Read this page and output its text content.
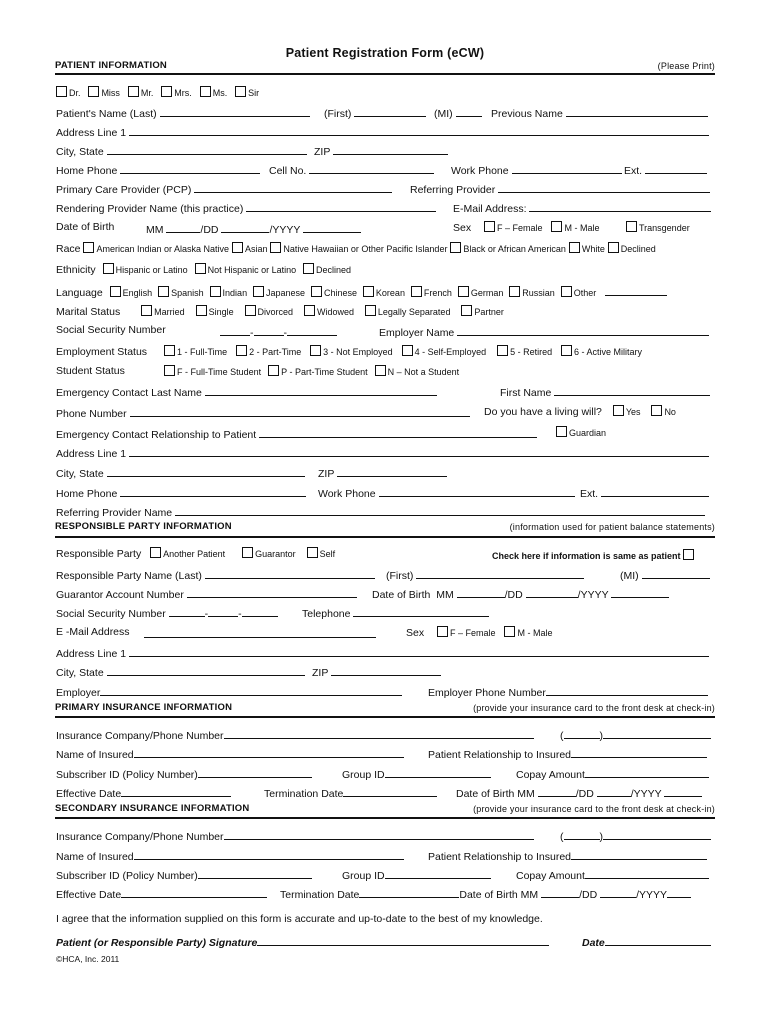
Patient Registration Form (eCW)
PATIENT INFORMATION	(Please Print)
Dr. Miss Mr. Mrs. Ms. Sir
Patient's Name (Last)	(First)	(MI)	Previous Name
Address Line 1
City, State	ZIP
Home Phone	Cell No.	Work Phone	Ext.
Primary Care Provider (PCP)	Referring Provider
Rendering Provider Name (this practice)	E-Mail Address:
Date of Birth	MM	/DD	/YYYY	Sex	F – Female M - Male	Transgender
Race American Indian or Alaska Native Asian Native Hawaiian or Other Pacific Islander Black or African American White Declined
Ethnicity Hispanic or Latino Not Hispanic or Latino Declined
Language English Spanish Indian Japanese Chinese Korean French German Russian Other
Marital Status	Married	Single	Divorced	Widowed	Legally Separated	Partner
Social Security Number	-	-	Employer Name
Employment Status	1 - Full-Time 2 - Part-Time 3 - Not Employed 4 - Self-Employed	5 - Retired 6 - Active Military
Student Status	F - Full-Time Student P - Part-Time Student N – Not a Student
Emergency Contact Last Name	First Name
Phone Number	Do you have a living will?	Yes	No
Emergency Contact Relationship to Patient	Guardian
Address Line 1
City, State	ZIP
Home Phone	Work Phone	Ext.
Referring Provider Name
RESPONSIBLE PARTY INFORMATION	(information used for patient balance statements)
Responsible Party Another Patient	Guarantor	Self	Check here if information is same as patient
Responsible Party Name (Last)	(First)	(MI)
Guarantor Account Number	Date of Birth MM	/DD	/YYYY
Social Security Number	-	-	Telephone
E -Mail Address	Sex	F – Female M - Male
Address Line 1
City, State	ZIP
Employer	Employer Phone Number
PRIMARY INSURANCE INFORMATION	(provide your insurance card to the front desk at check-in)
Insurance Company/Phone Number	(	)
Name of Insured	Patient Relationship to Insured
Subscriber ID (Policy Number)	Group ID	Copay Amount
Effective Date	Termination Date	Date of Birth MM	/DD	/YYYY
SECONDARY INSURANCE INFORMATION	(provide your insurance card to the front desk at check-in)
Insurance Company/Phone Number	(	)
Name of Insured	Patient Relationship to Insured
Subscriber ID (Policy Number)	Group ID	Copay Amount
Effective Date	Termination Date	Date of Birth MM	/DD	/YYYY
I agree that the information supplied on this form is accurate and up-to-date to the best of my knowledge.
Patient (or Responsible Party) Signature	Date
©HCA, Inc. 2011
